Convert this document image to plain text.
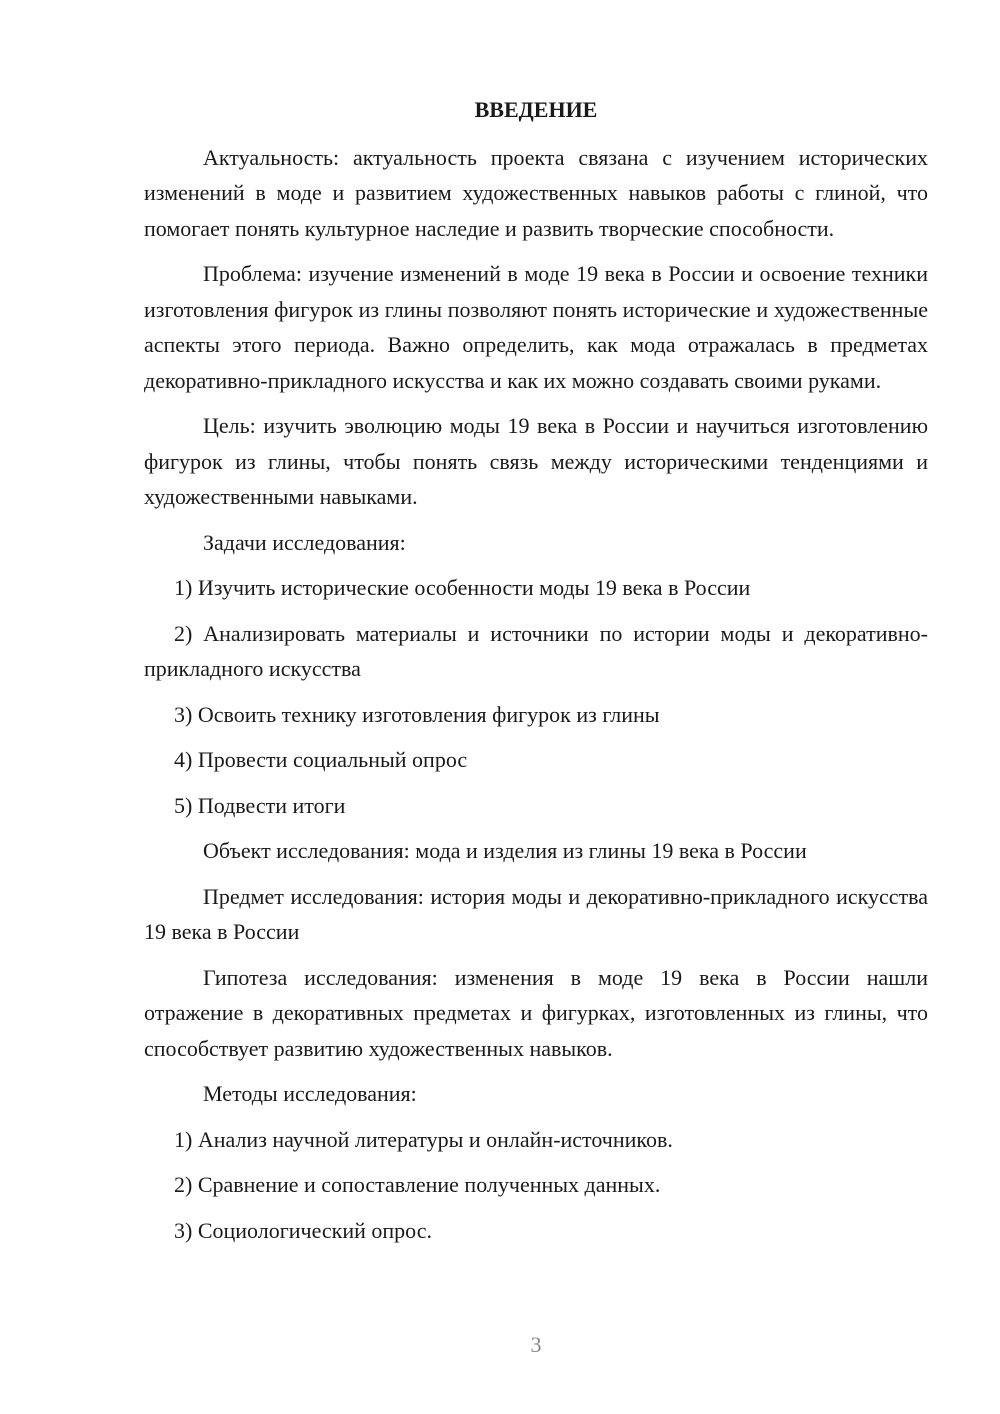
ВВЕДЕНИЕ

Актуальность: актуальность проекта связана с изучением исторических изменений в моде и развитием художественных навыков работы с глиной, что помогает понять культурное наследие и развить творческие способности.

Проблема: изучение изменений в моде 19 века в России и освоение техники изготовления фигурок из глины позволяют понять исторические и художественные аспекты этого периода. Важно определить, как мода отражалась в предметах декоративно-прикладного искусства и как их можно создавать своими руками.

Цель: изучить эволюцию моды 19 века в России и научиться изготовлению фигурок из глины, чтобы понять связь между историческими тенденциями и художественными навыками.

Задачи исследования:

1) Изучить исторические особенности моды 19 века в России

2) Анализировать материалы и источники по истории моды и декоративно-прикладного искусства

3) Освоить технику изготовления фигурок из глины

4) Провести социальный опрос

5) Подвести итоги

Объект исследования: мода и изделия из глины 19 века в России

Предмет исследования: история моды и декоративно-прикладного искусства 19 века в России

Гипотеза исследования: изменения в моде 19 века в России нашли отражение в декоративных предметах и фигурках, изготовленных из глины, что способствует развитию художественных навыков.

Методы исследования:

1) Анализ научной литературы и онлайн-источников.

2) Сравнение и сопоставление полученных данных.

3) Социологический опрос.

3
